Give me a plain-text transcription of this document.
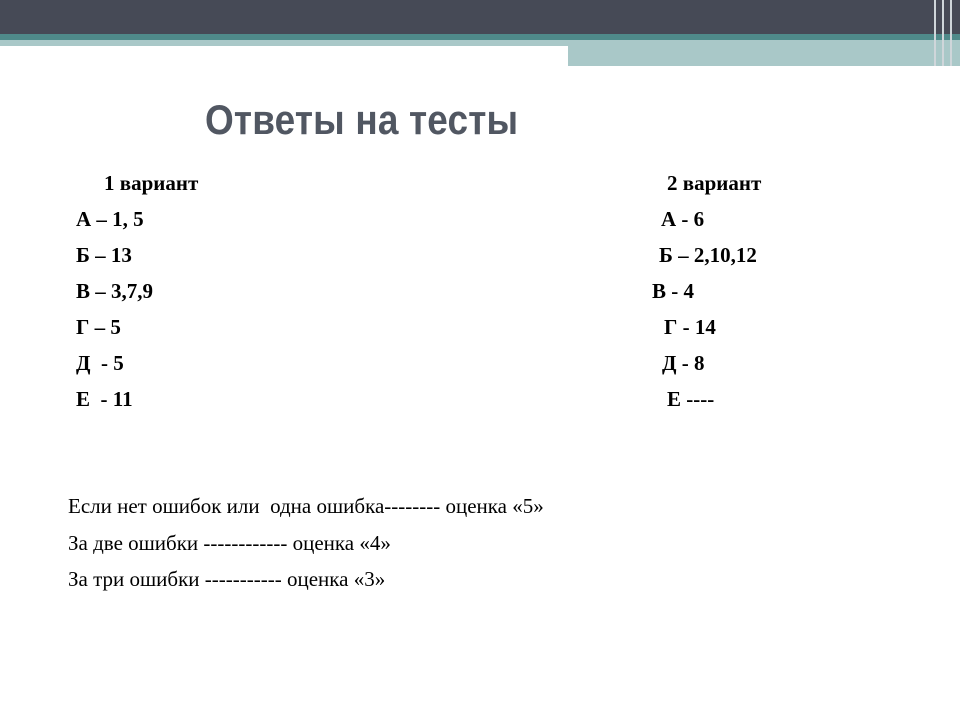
Ответы на тесты
1 вариант	2 вариант
А – 1, 5
Б – 13
В – 3,7,9
Г – 5
Д  - 5
Е  - 11
А - 6
Б – 2,10,12
В - 4
Г - 14
Д - 8
Е ----
Если нет ошибок или  одна ошибка-------- оценка «5»
За две ошибки ------------ оценка «4»
За три ошибки ----------- оценка «3»
